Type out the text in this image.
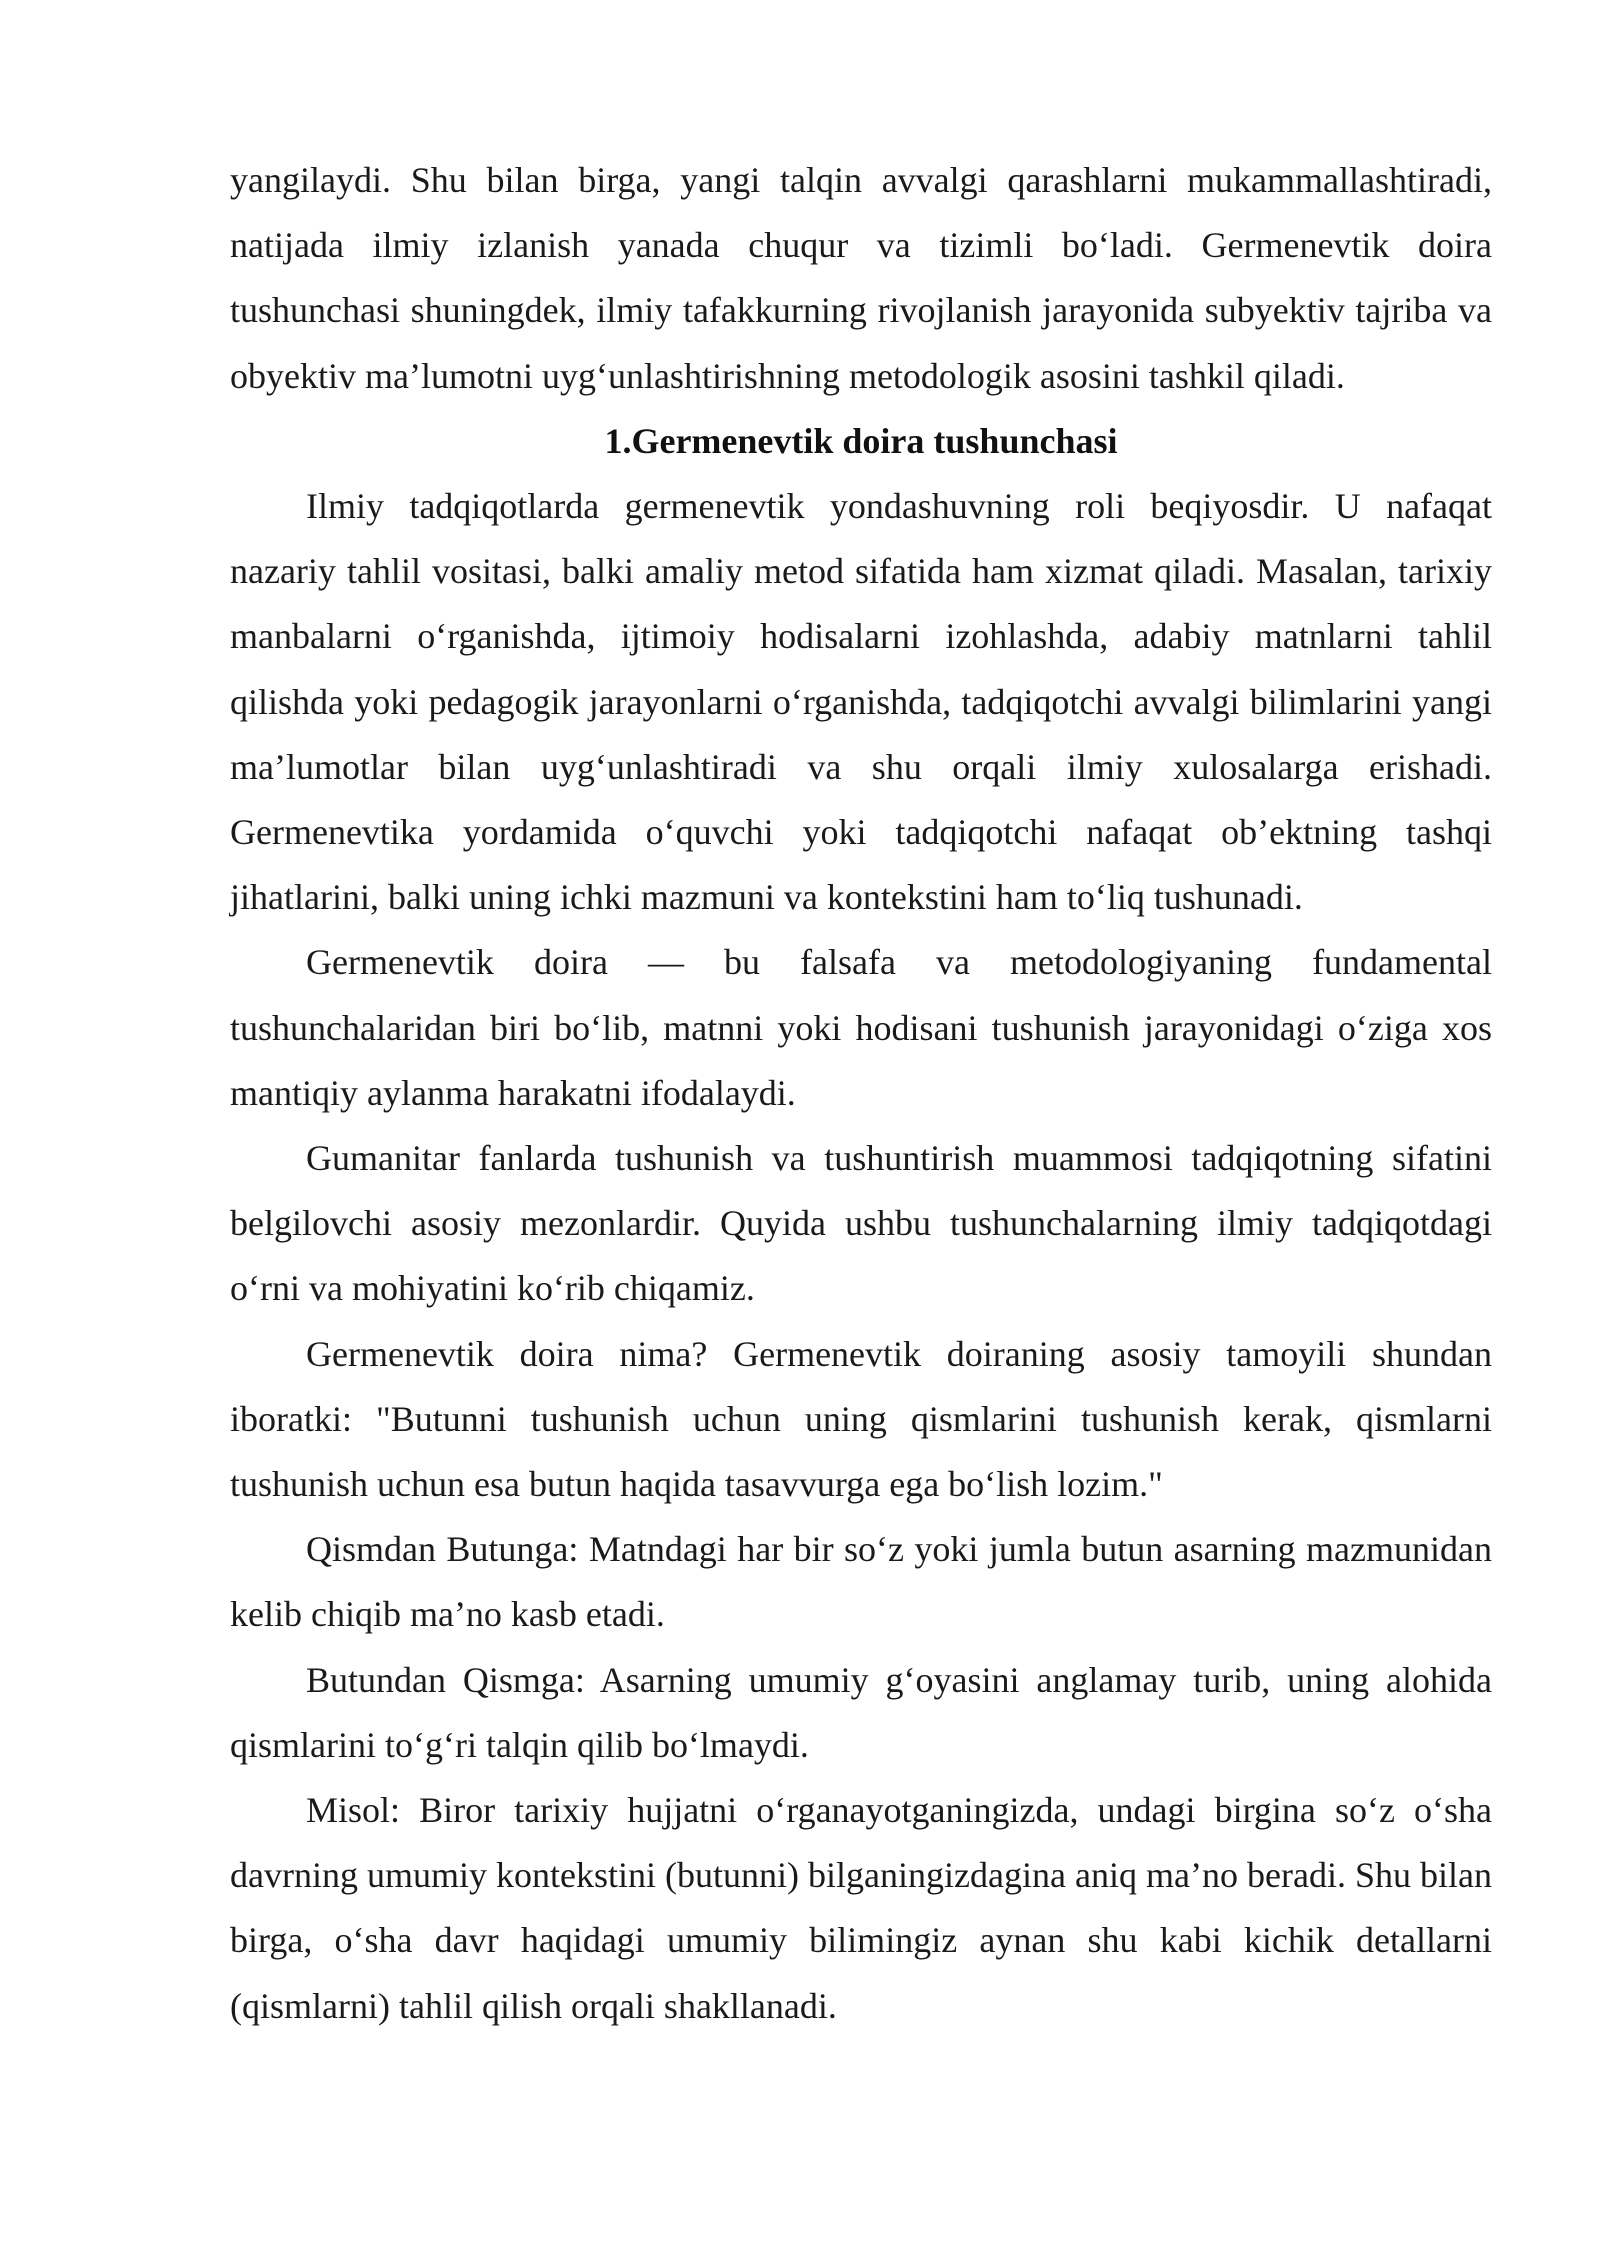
yangilaydi. Shu bilan birga, yangi talqin avvalgi qarashlarni mukammallashtiradi, natijada ilmiy izlanish yanada chuqur va tizimli bo‘ladi. Germenevtik doira tushunchasi shuningdek, ilmiy tafakkurning rivojlanish jarayonida subyektiv tajriba va obyektiv ma’lumotni uyg‘unlashtirishning metodologik asosini tashkil qiladi.

1.Germenevtik doira tushunchasi

Ilmiy tadqiqotlarda germenevtik yondashuvning roli beqiyosdir. U nafaqat nazariy tahlil vositasi, balki amaliy metod sifatida ham xizmat qiladi. Masalan, tarixiy manbalarni o‘rganishda, ijtimoiy hodisalarni izohlashda, adabiy matnlarni tahlil qilishda yoki pedagogik jarayonlarni o‘rganishda, tadqiqotchi avvalgi bilimlarini yangi ma’lumotlar bilan uyg‘unlashtiradi va shu orqali ilmiy xulosalarga erishadi. Germenevtika yordamida o‘quvchi yoki tadqiqotchi nafaqat ob’ektning tashqi jihatlarini, balki uning ichki mazmuni va kontekstini ham to‘liq tushunadi.

Germenevtik doira — bu falsafa va metodologiyaning fundamental tushunchalaridan biri bo‘lib, matnni yoki hodisani tushunish jarayonidagi o‘ziga xos mantiqiy aylanma harakatni ifodalaydi.

Gumanitar fanlarda tushunish va tushuntirish muammosi tadqiqotning sifatini belgilovchi asosiy mezonlardir. Quyida ushbu tushunchalarning ilmiy tadqiqotdagi o‘rni va mohiyatini ko‘rib chiqamiz.

Germenevtik doira nima? Germenevtik doiraning asosiy tamoyili shundan iboratki: "Butunni tushunish uchun uning qismlarini tushunish kerak, qismlarni tushunish uchun esa butun haqida tasavvurga ega bo‘lish lozim."

Qismdan Butunga: Matndagi har bir so‘z yoki jumla butun asarning mazmunidan kelib chiqib ma’no kasb etadi.

Butundan Qismga: Asarning umumiy g‘oyasini anglamay turib, uning alohida qismlarini to‘g‘ri talqin qilib bo‘lmaydi.

Misol: Biror tarixiy hujjatni o‘rganayotganingizda, undagi birgina so‘z o‘sha davrning umumiy kontekstini (butunni) bilganingizdagina aniq ma’no beradi. Shu bilan birga, o‘sha davr haqidagi umumiy bilimingiz aynan shu kabi kichik detallarni (qismlarni) tahlil qilish orqali shakllanadi.
